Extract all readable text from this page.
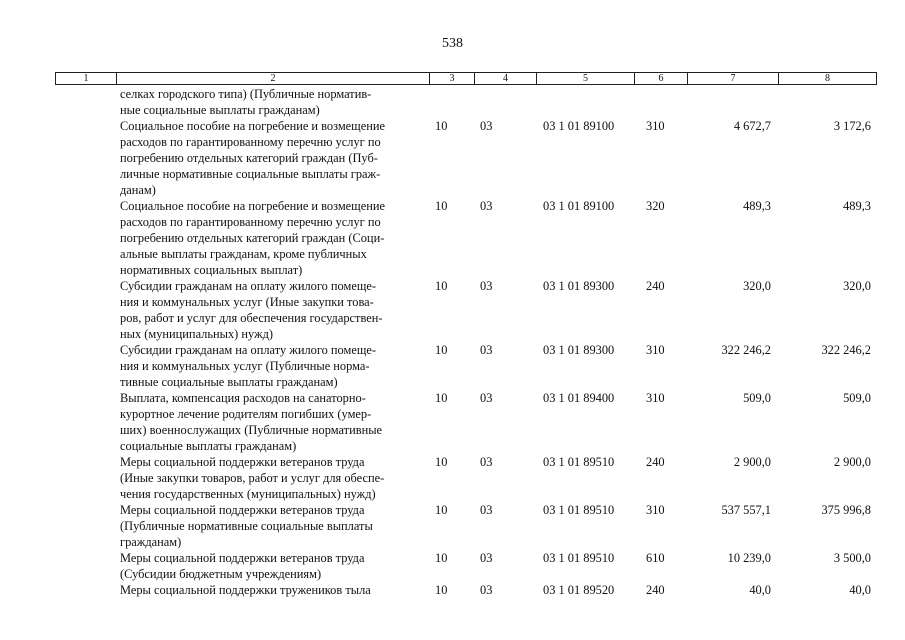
538
1	2	3	4	5	6	7	8
селках городского типа) (Публичные норматив-
ные социальные выплаты гражданам)
Социальное пособие на погребение и возмещение
расходов по гарантированному перечню услуг по
погребению отдельных категорий граждан (Пуб-
личные нормативные социальные выплаты граж-
данам)
10	03	03 1 01 89100	310	4 672,7	3 172,6
Социальное пособие на погребение и возмещение
расходов по гарантированному перечню услуг по
погребению отдельных категорий граждан (Соци-
альные выплаты гражданам, кроме публичных
нормативных социальных выплат)
10	03	03 1 01 89100	320	489,3	489,3
Субсидии гражданам на оплату жилого помеще-
ния и коммунальных услуг (Иные закупки това-
ров, работ и услуг для обеспечения государствен-
ных (муниципальных) нужд)
10	03	03 1 01 89300	240	320,0	320,0
Субсидии гражданам на оплату жилого помеще-
ния и коммунальных услуг (Публичные норма-
тивные социальные выплаты гражданам)
10	03	03 1 01 89300	310	322 246,2	322 246,2
Выплата, компенсация расходов на санаторно-
курортное лечение родителям погибших (умер-
ших) военнослужащих (Публичные нормативные
социальные выплаты гражданам)
10	03	03 1 01 89400	310	509,0	509,0
Меры социальной поддержки ветеранов труда
(Иные закупки товаров, работ и услуг для обеспе-
чения государственных (муниципальных) нужд)
10	03	03 1 01 89510	240	2 900,0	2 900,0
Меры социальной поддержки ветеранов труда
(Публичные нормативные социальные выплаты
гражданам)
10	03	03 1 01 89510	310	537 557,1	375 996,8
Меры социальной поддержки ветеранов труда
(Субсидии бюджетным учреждениям)
10	03	03 1 01 89510	610	10 239,0	3 500,0
Меры социальной поддержки тружеников тыла	10	03	03 1 01 89520	240	40,0	40,0
